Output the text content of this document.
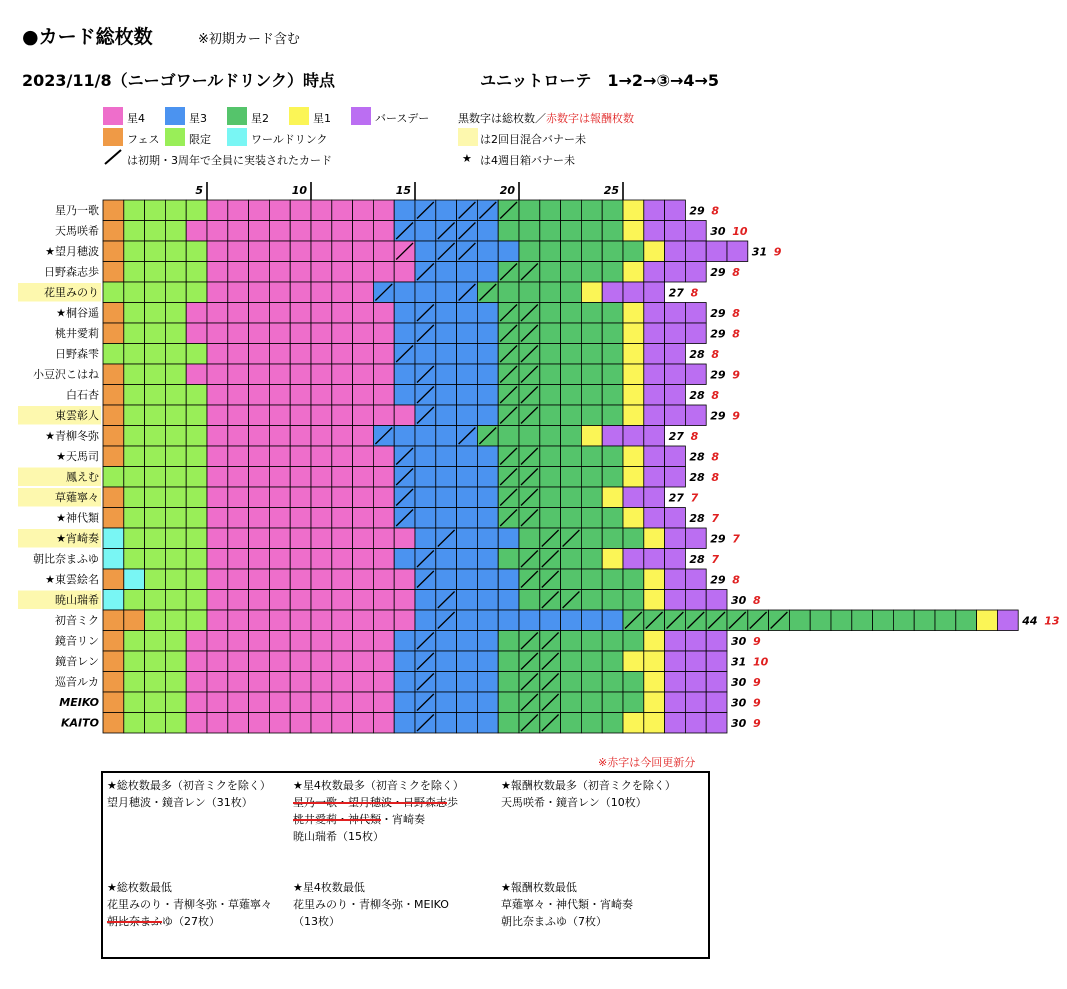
●カード総枚数	※初期カード含む
2023/11/8（ニーゴワールドリンク）時点	ユニットローテ　1→2→③→4→5
星4	星3	星2	星1	バースデー
フェス	限定	ワールドリンク
は初期・3周年で全員に実装されたカード
黒数字は総枚数／赤数字は報酬枚数
は2回目混合バナー未
★ は4週目箱バナー未
5	10	15	20	25
星乃一歌	29 8
天馬咲希	30 10
★望月穂波	31 9
日野森志歩	29 8
花里みのり	27 8
★桐谷遥	29 8
桃井愛莉	29 8
日野森雫	28 8
小豆沢こはね	29 9
白石杏	28 8
東雲彰人	29 9
★青柳冬弥	27 8
★天馬司	28 8
鳳えむ	28 8
草薙寧々	27 7
★神代類	28 7
★宵崎奏	29 7
朝比奈まふゆ	28 7
★東雲絵名	29 8
暁山瑞希	30 8
初音ミク	44 13
鏡音リン	30 9
鏡音レン	31 10
巡音ルカ	30 9
MEIKO	30 9
KAITO	30 9
※赤字は今回更新分
★総枚数最多（初音ミクを除く）
望月穂波・鏡音レン（31枚）
★星4枚数最多（初音ミクを除く）
星乃一歌・望月穂波・日野森志歩
桃井愛莉・神代類・宵崎奏
暁山瑞希（15枚）
★報酬枚数最多（初音ミクを除く）
天馬咲希・鏡音レン（10枚）
★総枚数最低
花里みのり・青柳冬弥・草薙寧々
朝比奈まふゆ（27枚）
★星4枚数最低
花里みのり・青柳冬弥・MEIKO
（13枚）
★報酬枚数最低
草薙寧々・神代類・宵崎奏
朝比奈まふゆ（7枚）
